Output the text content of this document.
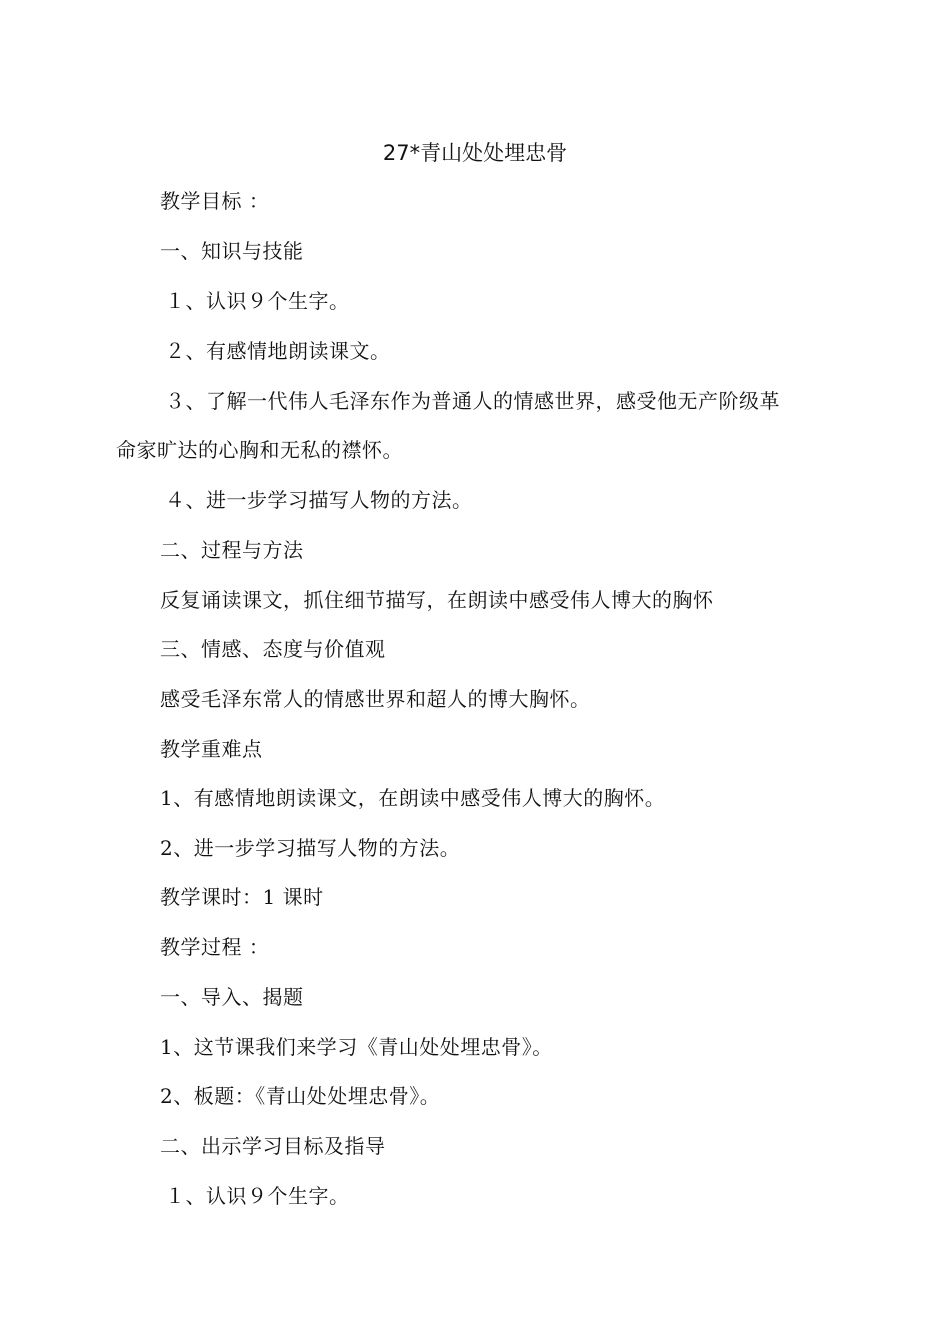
27*青山处处埋忠骨
教学目标 ：
一、知识与技能
１、认识９个生字。
２、有感情地朗读课文。
３、了解一代伟人毛泽东作为普通人的情感世界，感受他无产阶级革
命家旷达的心胸和无私的襟怀。
４、进一步学习描写人物的方法。
二、过程与方法
反复诵读课文，抓住细节描写，在朗读中感受伟人博大的胸怀
三、情感、态度与价值观
感受毛泽东常人的情感世界和超人的博大胸怀。
教学重难点
1、有感情地朗读课文，在朗读中感受伟人博大的胸怀。
2、进一步学习描写人物的方法。
教学课时：1 课时
教学过程 ：
一、导入、揭题
1、这节课我们来学习《青山处处埋忠骨》。
2、板题：《青山处处埋忠骨》。
二、出示学习目标及指导
１、认识９个生字。
